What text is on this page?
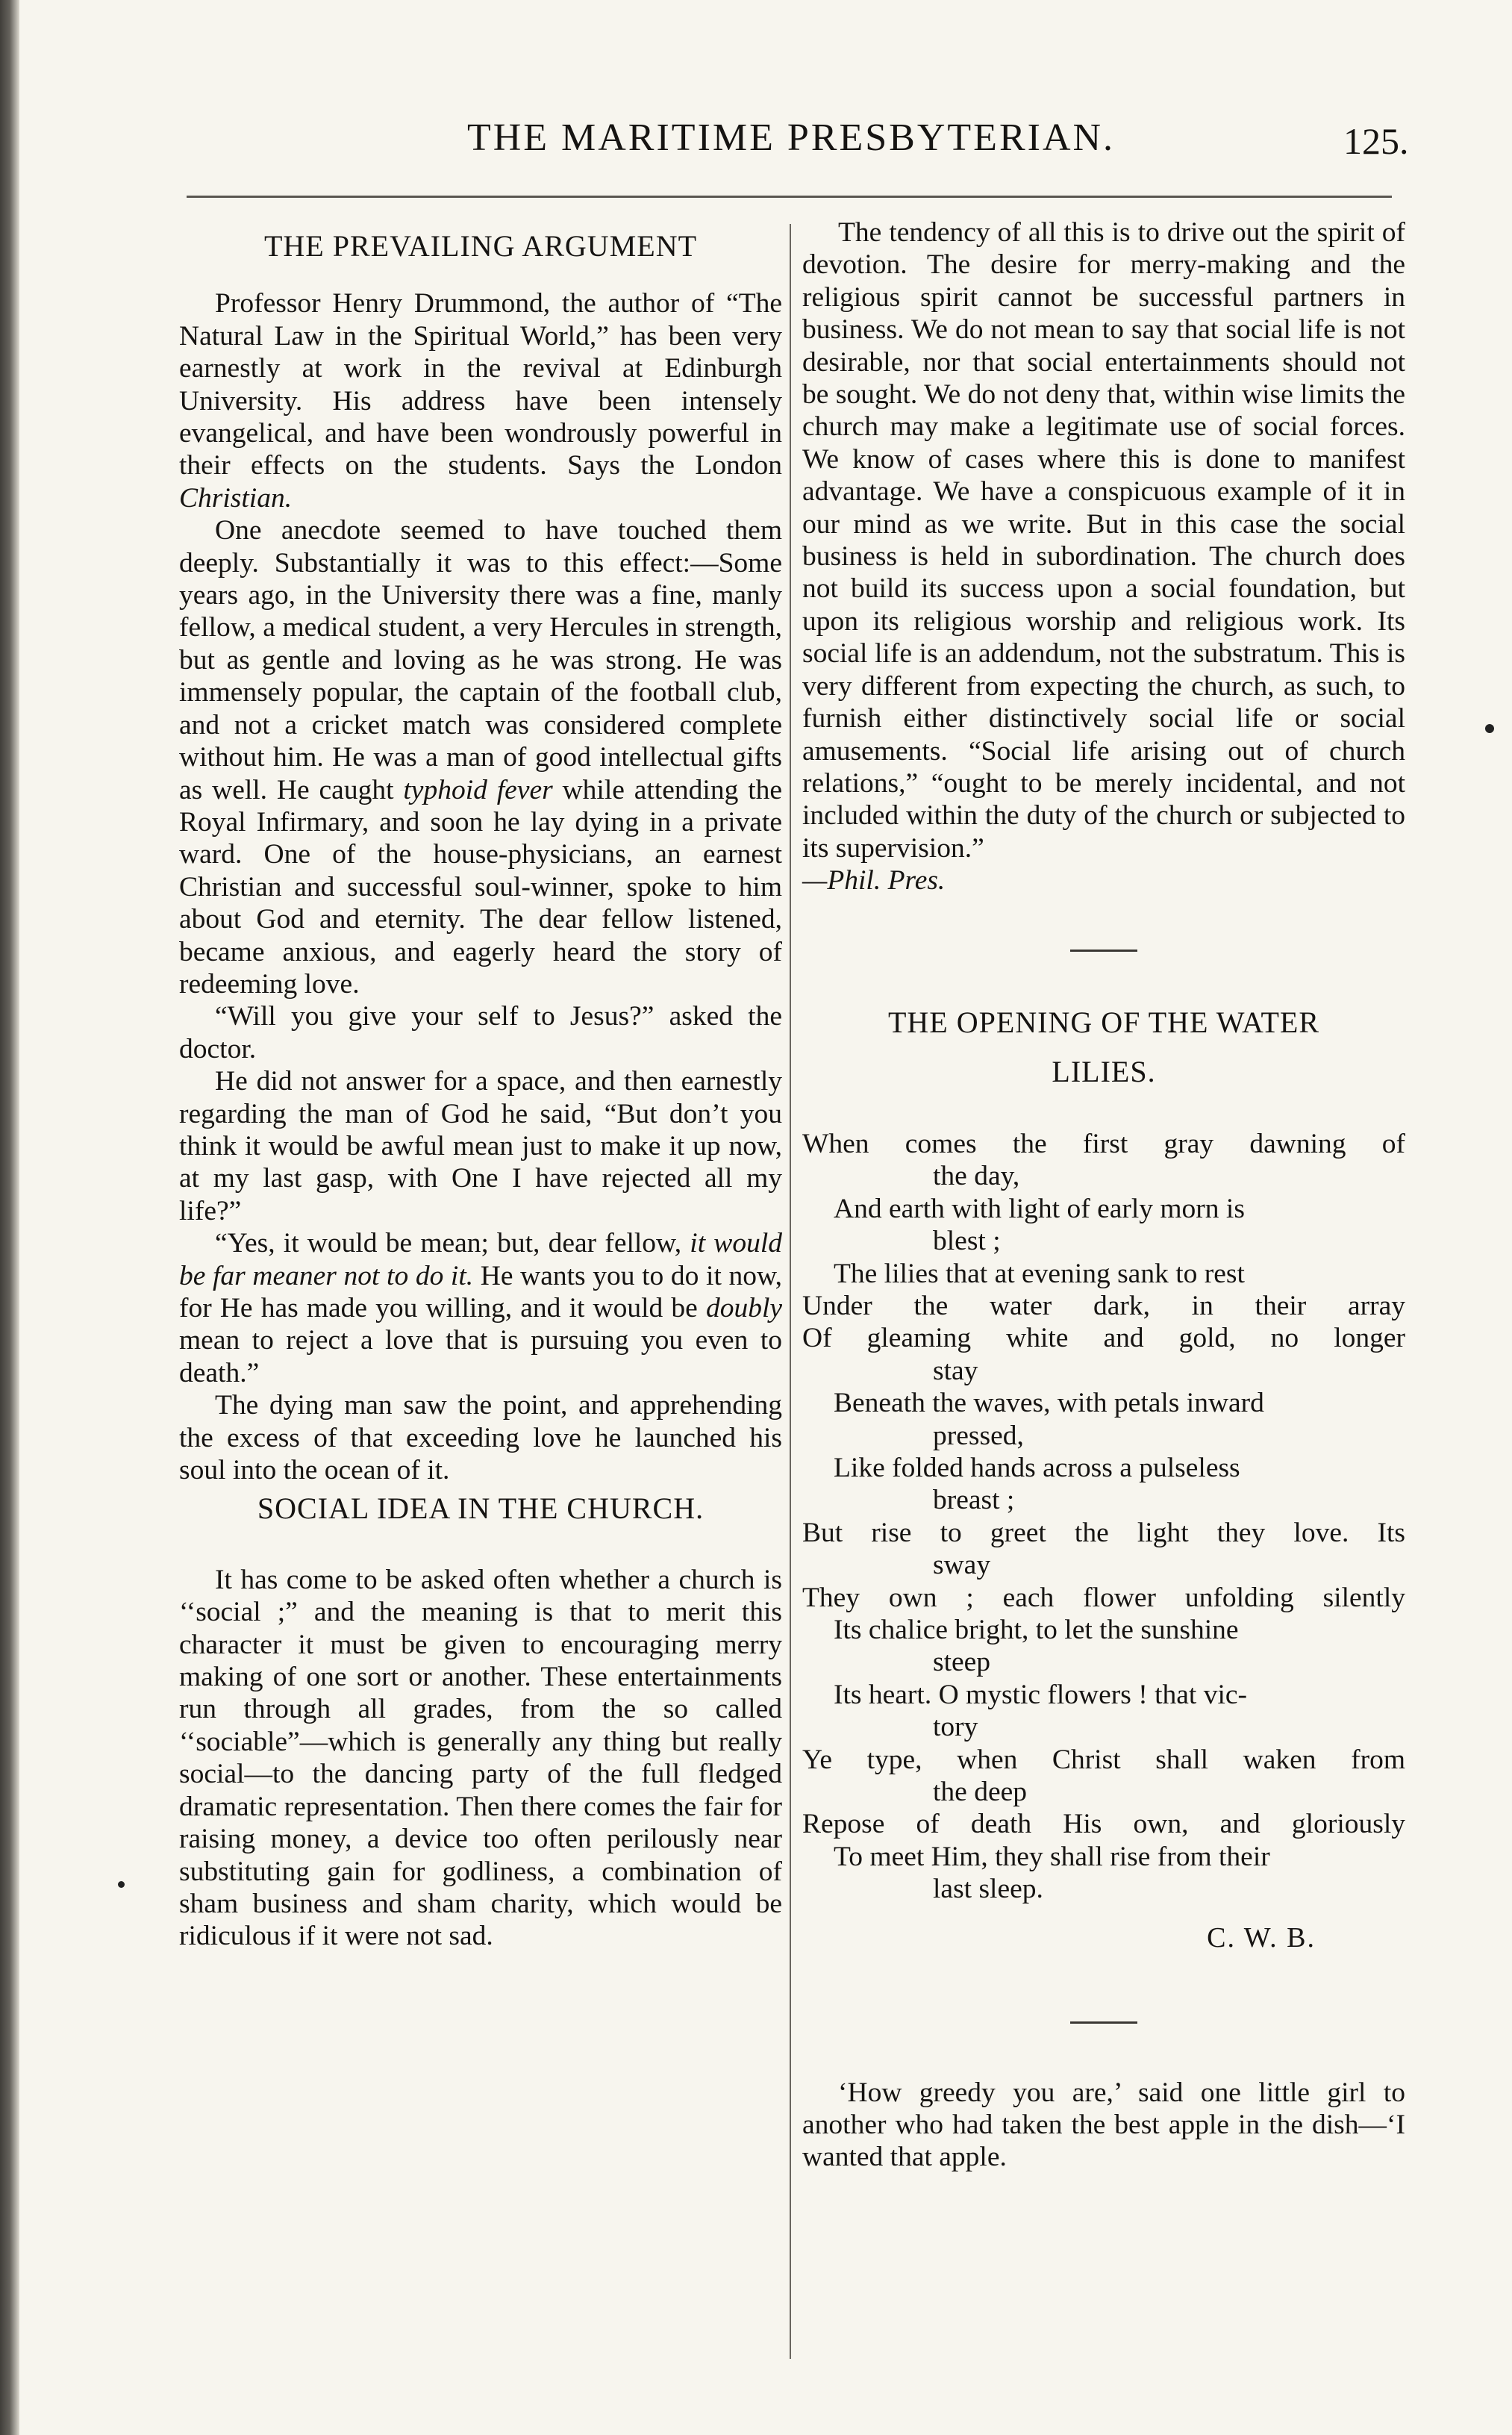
THE MARITIME PRESBYTERIAN.	125.
THE PREVAILING ARGUMENT

Professor Henry Drummond, the author of “The Natural Law in the Spiritual World,” has been very earnestly at work in the revival at Edinburgh University. His address have been intensely evangelical, and have been wondrously powerful in their effects on the students. Says the London Christian.

One anecdote seemed to have touched them deeply. Substantially it was to this effect:—Some years ago, in the University there was a fine, manly fellow, a medical student, a very Hercules in strength, but as gentle and loving as he was strong. He was immensely popular, the captain of the football club, and not a cricket match was considered complete without him. He was a man of good intellectual gifts as well. He caught typhoid fever while attending the Royal Infirmary, and soon he lay dying in a private ward. One of the house-physicians, an earnest Christian and successful soul-winner, spoke to him about God and eternity. The dear fellow listened, became anxious, and eagerly heard the story of redeeming love.

“Will you give your self to Jesus?” asked the doctor.

He did not answer for a space, and then earnestly regarding the man of God he said, “But don’t you think it would be awful mean just to make it up now, at my last gasp, with One I have rejected all my life?”

“Yes, it would be mean; but, dear fellow, it would be far meaner not to do it. He wants you to do it now, for He has made you willing, and it would be doubly mean to reject a love that is pursuing you even to death.”

The dying man saw the point, and apprehending the excess of that exceeding love he launched his soul into the ocean of it.

SOCIAL IDEA IN THE CHURCH.

It has come to be asked often whether a church is ‘‘social ;” and the meaning is that to merit this character it must be given to encouraging merry making of one sort or another. These entertainments run through all grades, from the so called ‘‘sociable”—which is generally any thing but really social—to the dancing party of the full fledged dramatic representation. Then there comes the fair for raising money, a device too often perilously near substituting gain for godliness, a combination of sham business and sham charity, which would be ridiculous if it were not sad.

The tendency of all this is to drive out the spirit of devotion. The desire for merry-making and the religious spirit cannot be successful partners in business. We do not mean to say that social life is not desirable, nor that social entertainments should not be sought. We do not deny that, within wise limits the church may make a legitimate use of social forces. We know of cases where this is done to manifest advantage. We have a conspicuous example of it in our mind as we write. But in this case the social business is held in subordination. The church does not build its success upon a social foundation, but upon its religious worship and religious work. Its social life is an addendum, not the substratum. This is very different from expecting the church, as such, to furnish either distinctively social life or social amusements. “Social life arising out of church relations,” “ought to be merely incidental, and not included within the duty of the church or subjected to its supervision.”

—Phil. Pres.

THE OPENING OF THE WATER
LILIES.
When comes the first gray dawning of
the day,
And earth with light of early morn is
blest ;
The lilies that at evening sank to rest
Under the water dark, in their array
Of gleaming white and gold, no longer
stay
Beneath the waves, with petals inward
pressed,
Like folded hands across a pulseless
breast ;
But rise to greet the light they love. Its
sway
They own ; each flower unfolding silently
Its chalice bright, to let the sunshine
steep
Its heart. O mystic flowers ! that vic-
tory
Ye type, when Christ shall waken from
the deep
Repose of death His own, and gloriously
To meet Him, they shall rise from their
last sleep.
C. W. B.

‘How greedy you are,’ said one little girl to another who had taken the best apple in the dish—‘I wanted that apple.
